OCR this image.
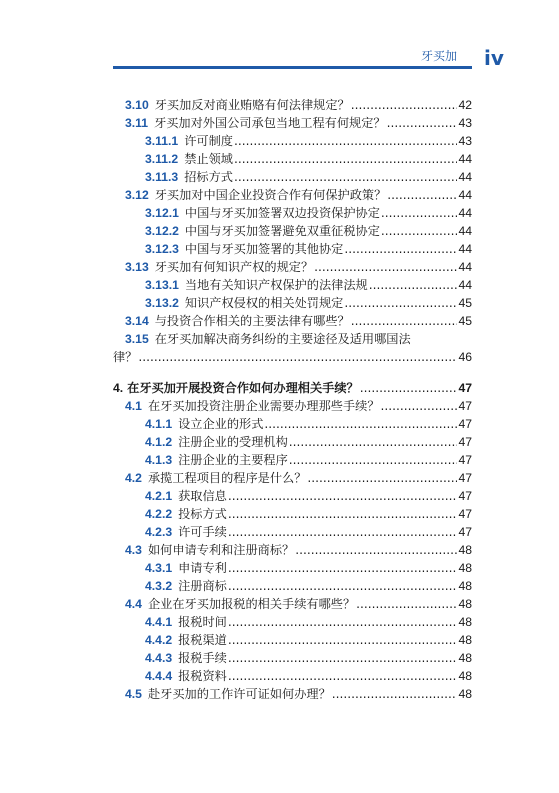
牙买加 iv
3.10 牙买加反对商业贿赂有何法律规定？ .....	42
3.11 牙买加对外国公司承包当地工程有何规定？ .....	43
3.11.1 许可制度 .....	43
3.11.2 禁止领域 .....	44
3.11.3 招标方式 .....	44
3.12 牙买加对中国企业投资合作有何保护政策？ .....	44
3.12.1 中国与牙买加签署双边投资保护协定 .....	44
3.12.2 中国与牙买加签署避免双重征税协定 .....	44
3.12.3 中国与牙买加签署的其他协定 .....	44
3.13 牙买加有何知识产权的规定？ .....	44
3.13.1 当地有关知识产权保护的法律法规 .....	44
3.13.2 知识产权侵权的相关处罚规定 .....	45
3.14 与投资合作相关的主要法律有哪些？ .....	45
3.15 在牙买加解决商务纠纷的主要途径及适用哪国法
律？ .....	46
4. 在牙买加开展投资合作如何办理相关手续？ .....	47
4.1 在牙买加投资注册企业需要办理那些手续？ .....	47
4.1.1 设立企业的形式 .....	47
4.1.2 注册企业的受理机构 .....	47
4.1.3 注册企业的主要程序 .....	47
4.2 承揽工程项目的程序是什么？ .....	47
4.2.1 获取信息 .....	47
4.2.2 投标方式 .....	47
4.2.3 许可手续 .....	47
4.3 如何申请专利和注册商标？ .....	48
4.3.1 申请专利 .....	48
4.3.2 注册商标 .....	48
4.4 企业在牙买加报税的相关手续有哪些？ .....	48
4.4.1 报税时间 .....	48
4.4.2 报税渠道 .....	48
4.4.3 报税手续 .....	48
4.4.4 报税资料 .....	48
4.5 赴牙买加的工作许可证如何办理？ .....	48
